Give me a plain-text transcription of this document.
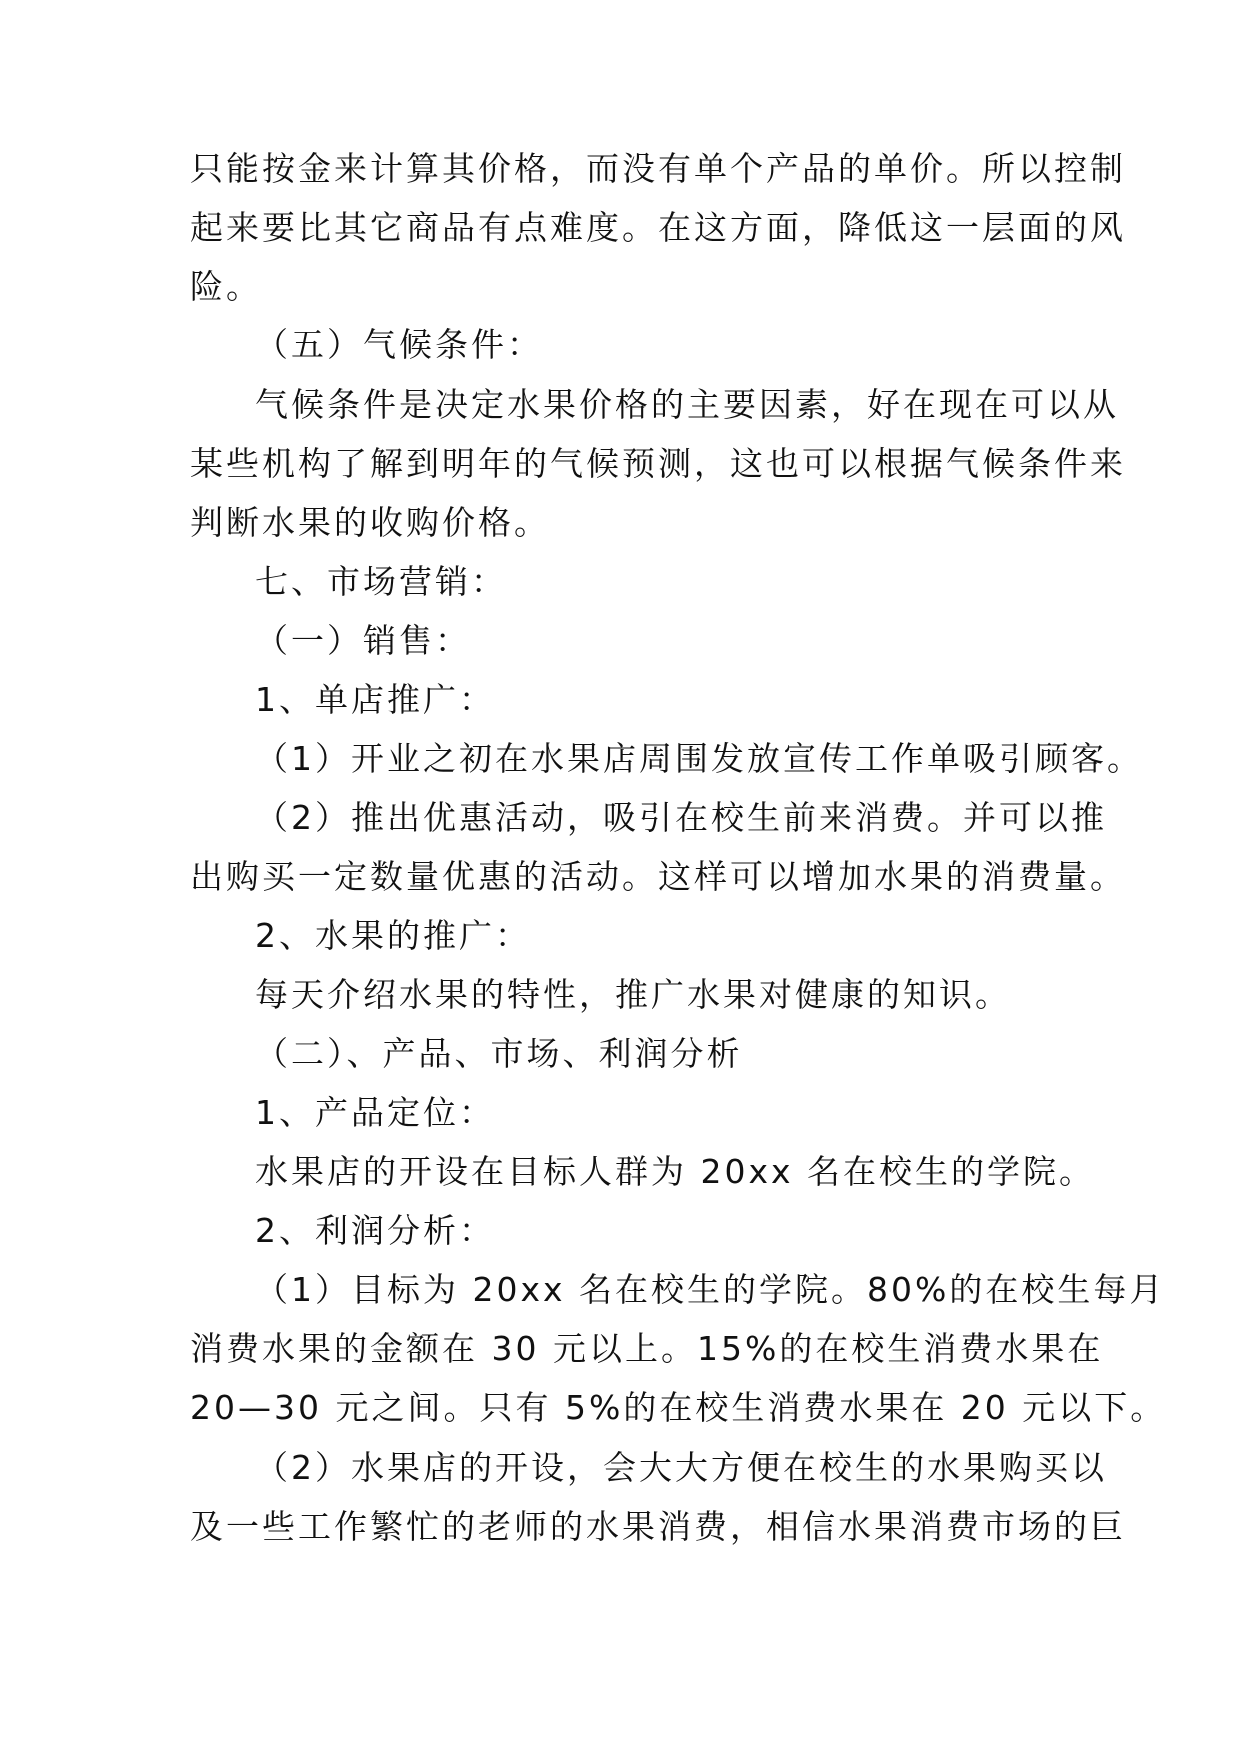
只能按金来计算其价格，而没有单个产品的单价。所以控制
起来要比其它商品有点难度。在这方面，降低这一层面的风
险。
（五）气候条件：
气候条件是决定水果价格的主要因素，好在现在可以从
某些机构了解到明年的气候预测，这也可以根据气候条件来
判断水果的收购价格。
七、市场营销：
（一）销售：
1、单店推广：
（1）开业之初在水果店周围发放宣传工作单吸引顾客。
（2）推出优惠活动，吸引在校生前来消费。并可以推
出购买一定数量优惠的活动。这样可以增加水果的消费量。
2、水果的推广：
每天介绍水果的特性，推广水果对健康的知识。
（二）、产品、市场、利润分析
1、产品定位：
水果店的开设在目标人群为 20xx 名在校生的学院。
2、利润分析：
（1）目标为 20xx 名在校生的学院。80%的在校生每月
消费水果的金额在 30 元以上。15%的在校生消费水果在
20—30 元之间。只有 5%的在校生消费水果在 20 元以下。
（2）水果店的开设，会大大方便在校生的水果购买以
及一些工作繁忙的老师的水果消费，相信水果消费市场的巨
